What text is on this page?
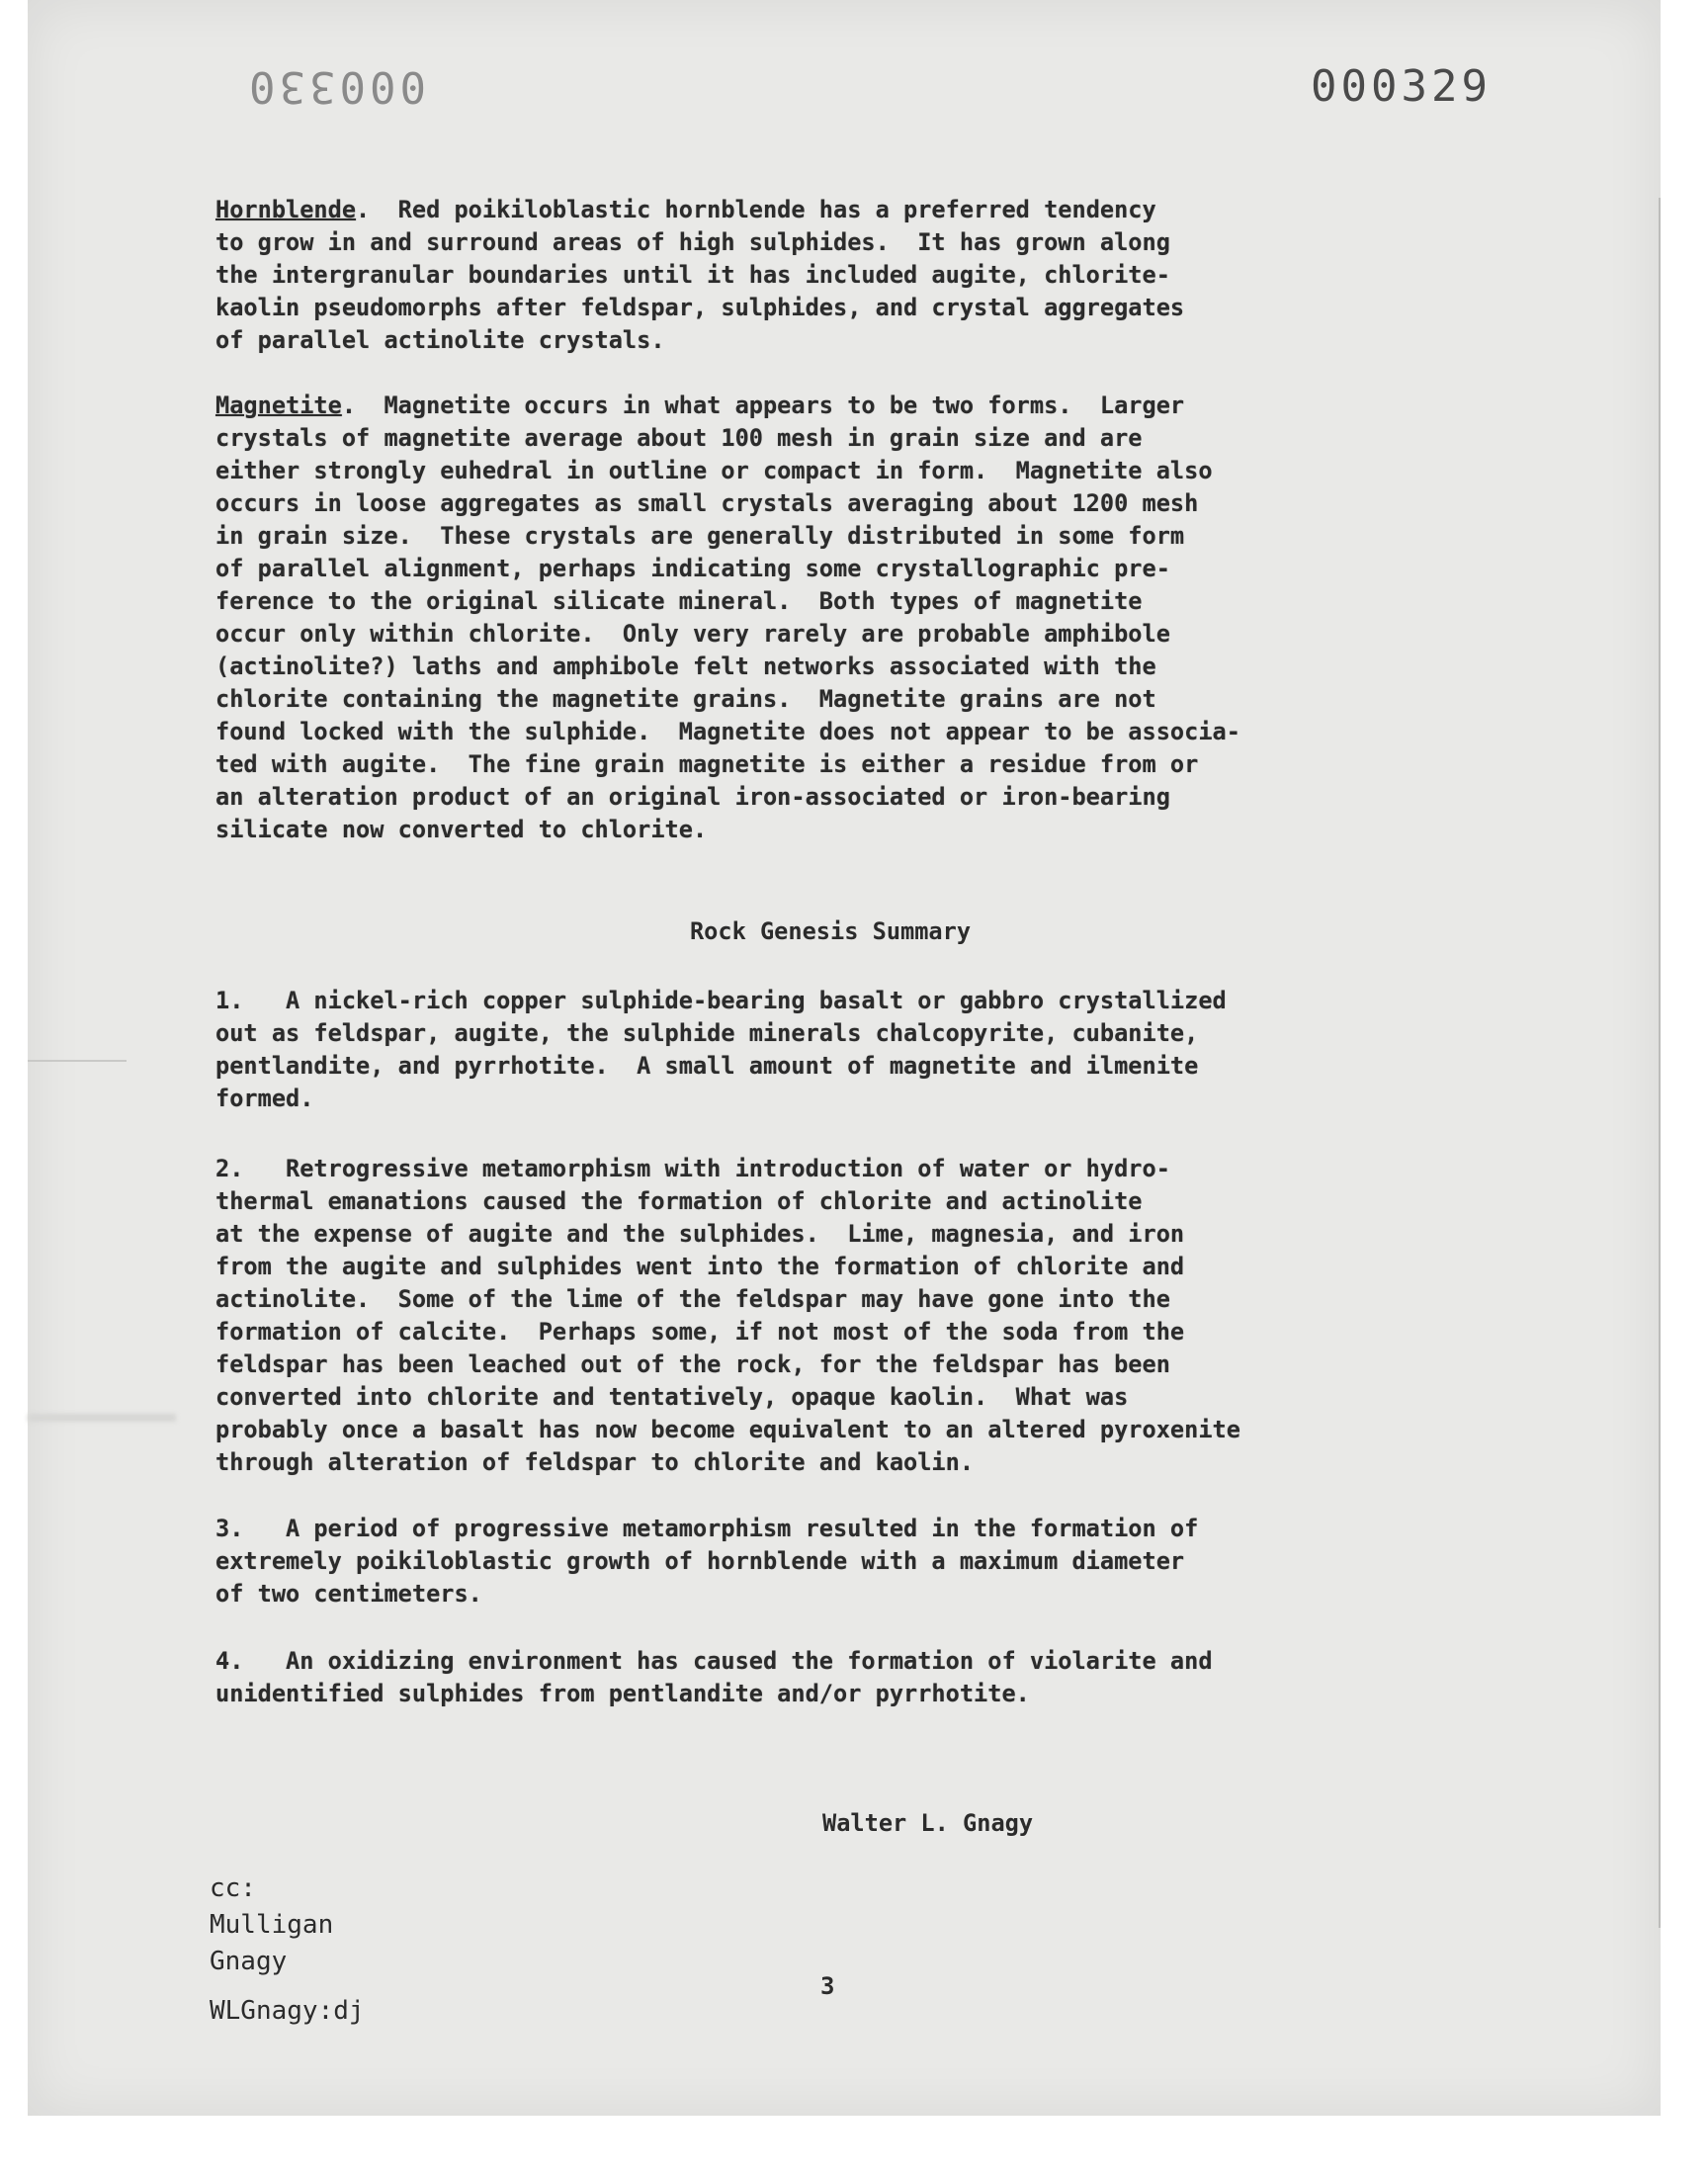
000330	000329
Hornblende.  Red poikiloblastic hornblende has a preferred tendency
to grow in and surround areas of high sulphides.  It has grown along
the intergranular boundaries until it has included augite, chlorite-
kaolin pseudomorphs after feldspar, sulphides, and crystal aggregates
of parallel actinolite crystals.
Magnetite.  Magnetite occurs in what appears to be two forms.  Larger
crystals of magnetite average about 100 mesh in grain size and are
either strongly euhedral in outline or compact in form.  Magnetite also
occurs in loose aggregates as small crystals averaging about 1200 mesh
in grain size.  These crystals are generally distributed in some form
of parallel alignment, perhaps indicating some crystallographic pre-
ference to the original silicate mineral.  Both types of magnetite
occur only within chlorite.  Only very rarely are probable amphibole
(actinolite?) laths and amphibole felt networks associated with the
chlorite containing the magnetite grains.  Magnetite grains are not
found locked with the sulphide.  Magnetite does not appear to be associa-
ted with augite.  The fine grain magnetite is either a residue from or
an alteration product of an original iron-associated or iron-bearing
silicate now converted to chlorite.
Rock Genesis Summary
1.   A nickel-rich copper sulphide-bearing basalt or gabbro crystallized
out as feldspar, augite, the sulphide minerals chalcopyrite, cubanite,
pentlandite, and pyrrhotite.  A small amount of magnetite and ilmenite
formed.
2.   Retrogressive metamorphism with introduction of water or hydro-
thermal emanations caused the formation of chlorite and actinolite
at the expense of augite and the sulphides.  Lime, magnesia, and iron
from the augite and sulphides went into the formation of chlorite and
actinolite.  Some of the lime of the feldspar may have gone into the
formation of calcite.  Perhaps some, if not most of the soda from the
feldspar has been leached out of the rock, for the feldspar has been
converted into chlorite and tentatively, opaque kaolin.  What was
probably once a basalt has now become equivalent to an altered pyroxenite
through alteration of feldspar to chlorite and kaolin.
3.   A period of progressive metamorphism resulted in the formation of
extremely poikiloblastic growth of hornblende with a maximum diameter
of two centimeters.
4.   An oxidizing environment has caused the formation of violarite and
unidentified sulphides from pentlandite and/or pyrrhotite.
Walter L. Gnagy
cc:
Mulligan
Gnagy
3
WLGnagy:dj
